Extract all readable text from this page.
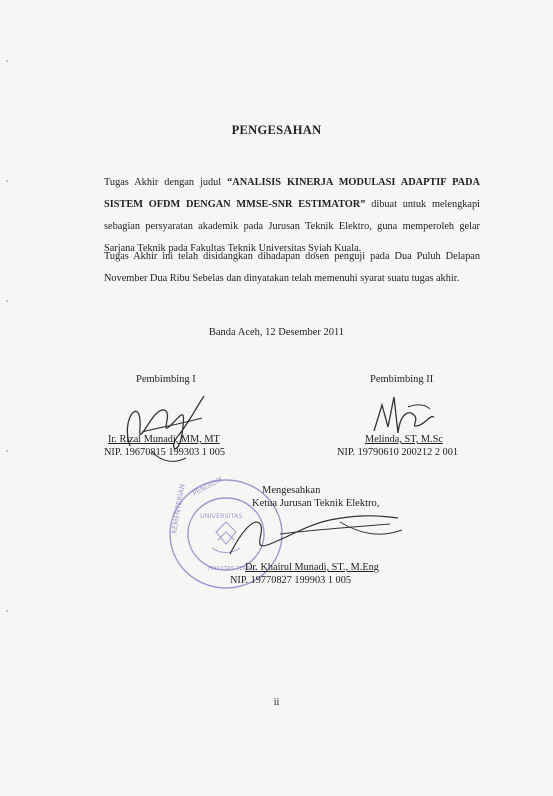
PENGESAHAN
Tugas Akhir dengan judul “ANALISIS KINERJA MODULASI ADAPTIF PADA SISTEM OFDM DENGAN MMSE-SNR ESTIMATOR” dibuat untuk melengkapi sebagian persyaratan akademik pada Jurusan Teknik Elektro, guna memperoleh gelar Sarjana Teknik pada Fakultas Teknik Universitas Syiah Kuala.
Tugas Akhir ini telah disidangkan dihadapan dosen penguji pada Dua Puluh Delapan November Dua Ribu Sebelas dan dinyatakan telah memenuhi syarat suatu tugas akhir.
Banda Aceh, 12 Desember 2011
Pembimbing I
Ir. Rizal Munadi, MM, MT
NIP. 19670815 199303 1 005
Pembimbing II
Melinda, ST, M.Sc
NIP. 19790610 200212 2 001
PENDIDIK
KEMENTERIAN UNIVERSITAS
FAKULTAS TEKNIK
Mengesahkan
Ketua Jurusan Teknik Elektro,
Dr. Khairul Munadi, ST., M.Eng
NIP. 19770827 199903 1 005
ii
